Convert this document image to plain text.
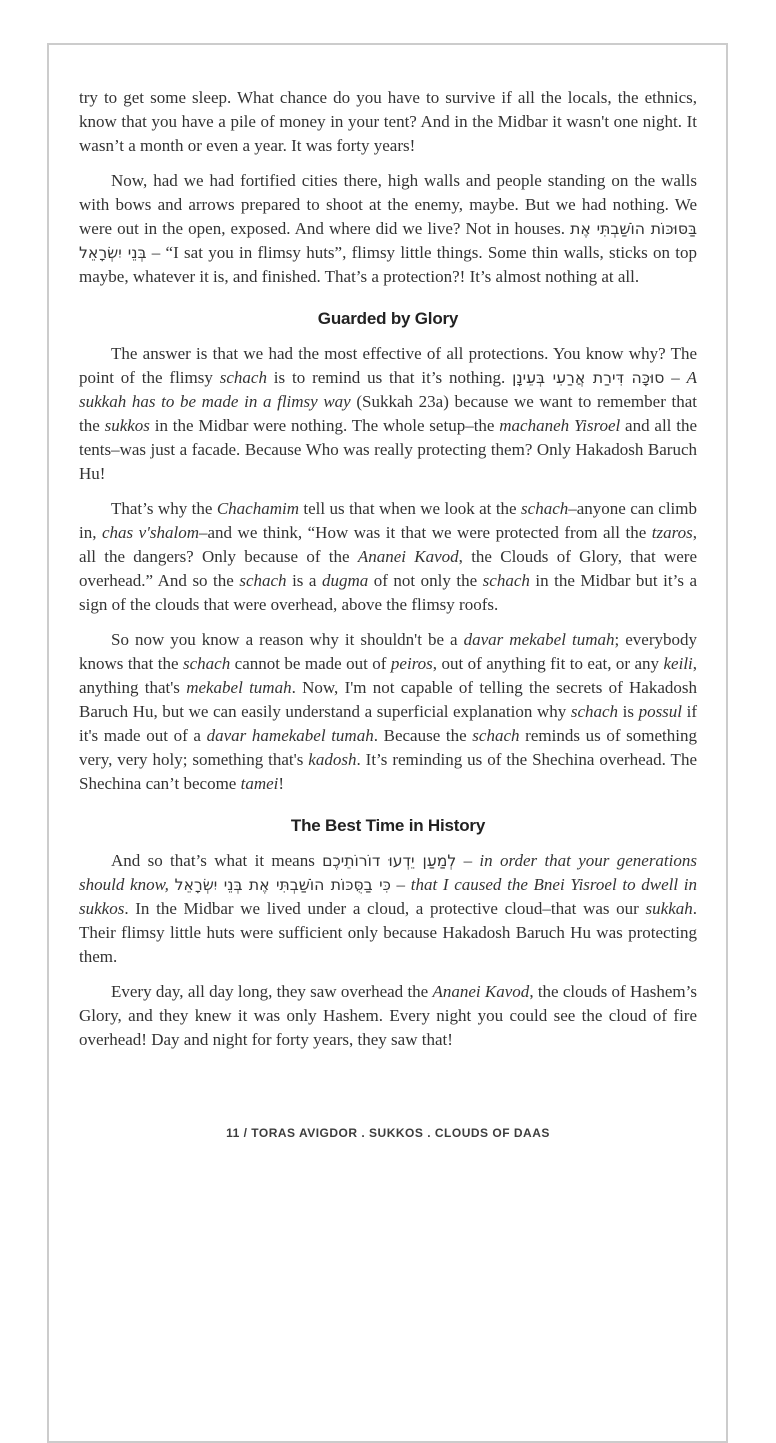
try to get some sleep. What chance do you have to survive if all the locals, the ethnics, know that you have a pile of money in your tent? And in the Midbar it wasn't one night. It wasn’t a month or even a year. It was forty years!

Now, had we had fortified cities there, high walls and people standing on the walls with bows and arrows prepared to shoot at the enemy, maybe. But we had nothing. We were out in the open, exposed. And where did we live? Not in houses. בַּסּוּכּוֹת הוֹשַׁבְתִּי אֶת בְּנֵי יִשְׂרָאֵל – “I sat you in flimsy huts”, flimsy little things. Some thin walls, sticks on top maybe, whatever it is, and finished. That’s a protection?! It’s almost nothing at all.

Guarded by Glory

The answer is that we had the most effective of all protections. You know why? The point of the flimsy schach is to remind us that it’s nothing. סוּכָּה דִּירַת אֲרַעִי בְּעֵינָן – A sukkah has to be made in a flimsy way (Sukkah 23a) because we want to remember that the sukkos in the Midbar were nothing. The whole setup–the machaneh Yisroel and all the tents–was just a facade. Because Who was really protecting them? Only Hakadosh Baruch Hu!

That’s why the Chachamim tell us that when we look at the schach–anyone can climb in, chas v'shalom–and we think, “How was it that we were protected from all the tzaros, all the dangers? Only because of the Ananei Kavod, the Clouds of Glory, that were overhead.” And so the schach is a dugma of not only the schach in the Midbar but it’s a sign of the clouds that were overhead, above the flimsy roofs.

So now you know a reason why it shouldn't be a davar mekabel tumah; everybody knows that the schach cannot be made out of peiros, out of anything fit to eat, or any keili, anything that's mekabel tumah. Now, I'm not capable of telling the secrets of Hakadosh Baruch Hu, but we can easily understand a superficial explanation why schach is possul if it's made out of a davar hamekabel tumah. Because the schach reminds us of something very, very holy; something that's kadosh. It’s reminding us of the Shechina overhead. The Shechina can’t become tamei!

The Best Time in History

And so that’s what it means לְמַעַן יֵדְעוּ דוֹרוֹתֵיכֶם – in order that your generations should know, כִּי בַסֻּכּוֹת הוֹשַׁבְתִּי אֶת בְּנֵי יִשְׂרָאֵל – that I caused the Bnei Yisroel to dwell in sukkos. In the Midbar we lived under a cloud, a protective cloud–that was our sukkah. Their flimsy little huts were sufficient only because Hakadosh Baruch Hu was protecting them.

Every day, all day long, they saw overhead the Ananei Kavod, the clouds of Hashem’s Glory, and they knew it was only Hashem. Every night you could see the cloud of fire overhead! Day and night for forty years, they saw that!

11 / TORAS AVIGDOR . SUKKOS . CLOUDS OF DAAS
